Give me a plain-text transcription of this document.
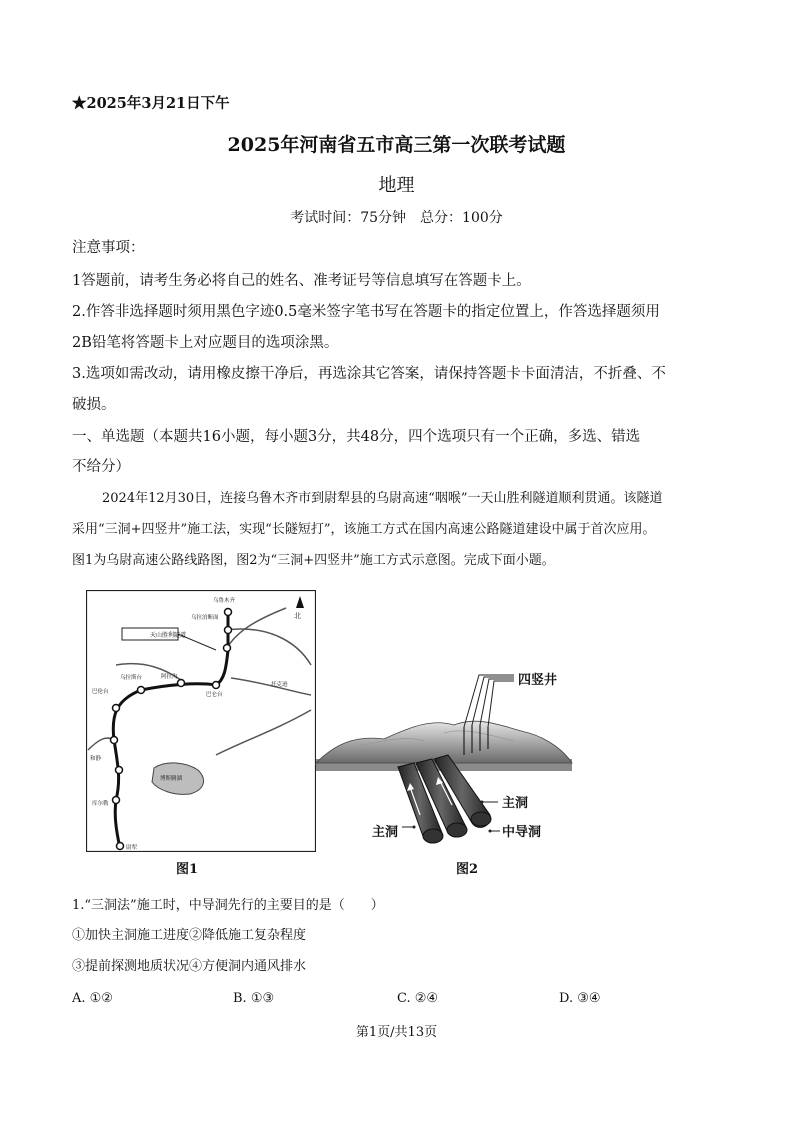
★2025年3月21日下午
2025年河南省五市高三第一次联考试题
地理
考试时间：75分钟　总分：100分
注意事项：
1答题前，请考生务必将自己的姓名、准考证号等信息填写在答题卡上。
2.作答非选择题时须用黑色字迹0.5毫米签字笔书写在答题卡的指定位置上，作答选择题须用
2B铅笔将答题卡上对应题目的选项涂黑。
3.选项如需改动，请用橡皮擦干净后，再选涂其它答案，请保持答题卡卡面清洁，不折叠、不
破损。
一、单选题（本题共16小题，每小题3分，共48分，四个选项只有一个正确，多选、错选
不给分）
2024年12月30日，连接乌鲁木齐市到尉犁县的乌尉高速“咽喉”一天山胜利隧道顺利贯通。该隧道
采用“三洞+四竖井”施工法，实现“长隧短打”，该施工方式在国内高速公路隧道建设中属于首次应用。
图1为乌尉高速公路线路图，图2为“三洞+四竖井”施工方式示意图。完成下面小题。
北
天山胜利隧道
乌鲁木齐
乌拉泊断面
乌拉斯台	阿拉沟
巴仑台
巴伦台
托克逊
和静
博斯腾湖
库尔勒
尉犁
图1
四竖井
主洞
中导洞
主洞
图2
1.“三洞法”施工时，中导洞先行的主要目的是（　　）
①加快主洞施工进度②降低施工复杂程度
③提前探测地质状况④方便洞内通风排水
A. ①②	B. ①③	C. ②④	D. ③④
第1页/共13页
